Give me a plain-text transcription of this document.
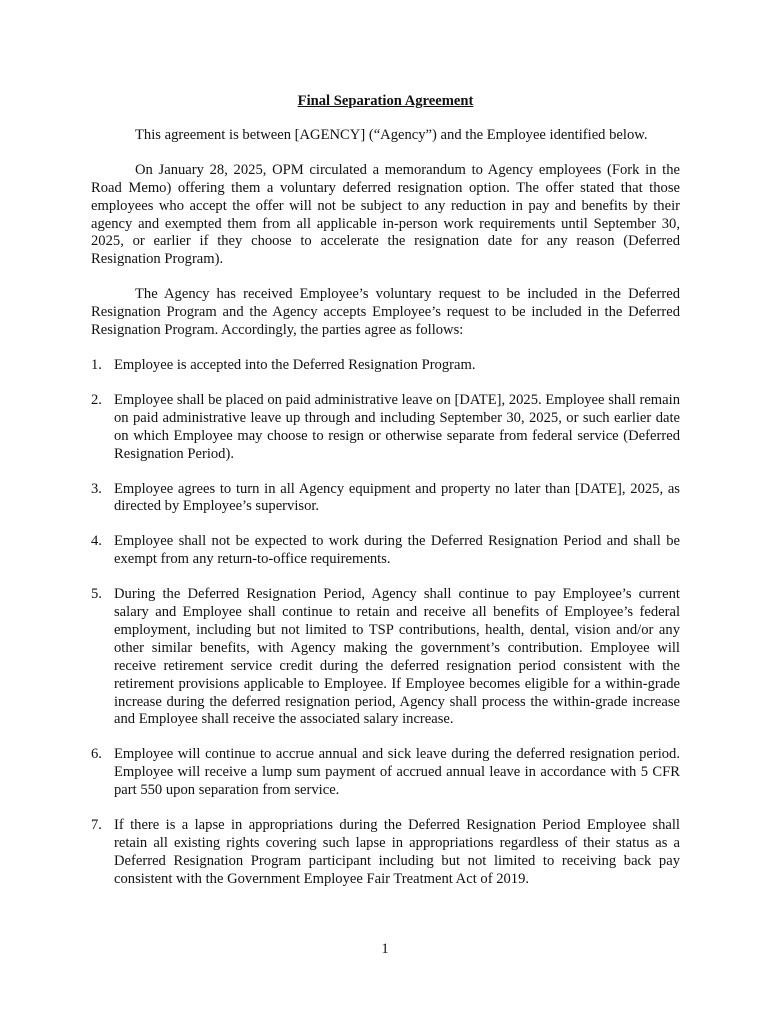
Final Separation Agreement

This agreement is between [AGENCY] (“Agency”) and the Employee identified below.

On January 28, 2025, OPM circulated a memorandum to Agency employees (Fork in the Road Memo) offering them a voluntary deferred resignation option. The offer stated that those employees who accept the offer will not be subject to any reduction in pay and benefits by their agency and exempted them from all applicable in-person work requirements until September 30, 2025, or earlier if they choose to accelerate the resignation date for any reason (Deferred Resignation Program).

The Agency has received Employee’s voluntary request to be included in the Deferred Resignation Program and the Agency accepts Employee’s request to be included in the Deferred Resignation Program. Accordingly, the parties agree as follows:

1. Employee is accepted into the Deferred Resignation Program.
2. Employee shall be placed on paid administrative leave on [DATE], 2025. Employee shall remain on paid administrative leave up through and including September 30, 2025, or such earlier date on which Employee may choose to resign or otherwise separate from federal service (Deferred Resignation Period).
3. Employee agrees to turn in all Agency equipment and property no later than [DATE], 2025, as directed by Employee’s supervisor.
4. Employee shall not be expected to work during the Deferred Resignation Period and shall be exempt from any return-to-office requirements.
5. During the Deferred Resignation Period, Agency shall continue to pay Employee’s current salary and Employee shall continue to retain and receive all benefits of Employee’s federal employment, including but not limited to TSP contributions, health, dental, vision and/or any other similar benefits, with Agency making the government’s contribution. Employee will receive retirement service credit during the deferred resignation period consistent with the retirement provisions applicable to Employee. If Employee becomes eligible for a within-grade increase during the deferred resignation period, Agency shall process the within-grade increase and Employee shall receive the associated salary increase.
6. Employee will continue to accrue annual and sick leave during the deferred resignation period. Employee will receive a lump sum payment of accrued annual leave in accordance with 5 CFR part 550 upon separation from service.
7. If there is a lapse in appropriations during the Deferred Resignation Period Employee shall retain all existing rights covering such lapse in appropriations regardless of their status as a Deferred Resignation Program participant including but not limited to receiving back pay consistent with the Government Employee Fair Treatment Act of 2019.
1
